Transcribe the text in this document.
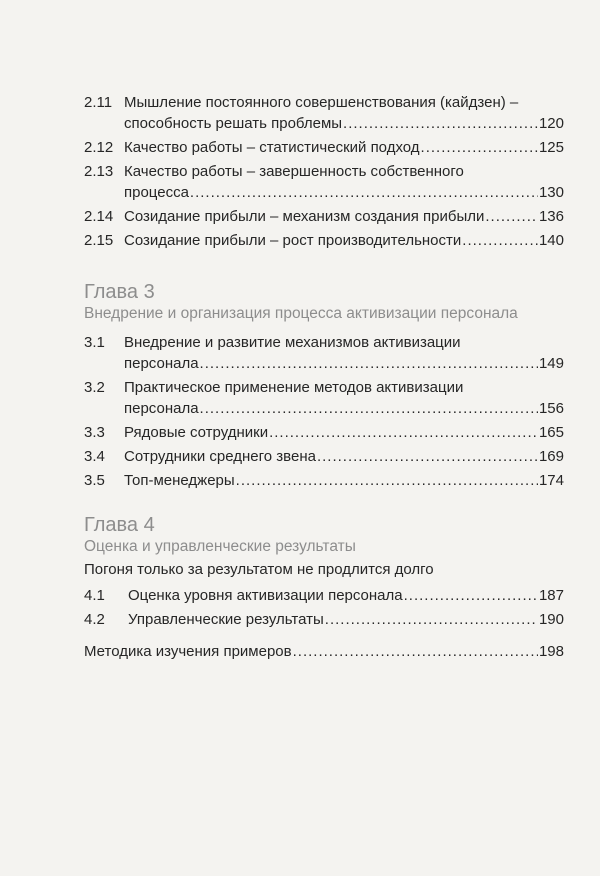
2.11 Мышление постоянного совершенствования (кайдзен) –
способность решать проблемы .....	120
2.12 Качество работы – статистический подход .....	125
2.13 Качество работы – завершенность собственного
процесса .....	130
2.14 Созидание прибыли – механизм создания прибыли .....	136
2.15 Созидание прибыли – рост производительности .....	140
Глава 3
Внедрение и организация процесса активизации персонала
3.1 Внедрение и развитие механизмов активизации
персонала .....	149
3.2 Практическое применение методов активизации
персонала .....	156
3.3 Рядовые сотрудники .....	165
3.4 Сотрудники среднего звена .....	169
3.5 Топ-менеджеры .....	174
Глава 4
Оценка и управленческие результаты
Погоня только за результатом не продлится долго
4.1 Оценка уровня активизации персонала .....	187
4.2 Управленческие результаты .....	190
Методика изучения примеров .....	198
